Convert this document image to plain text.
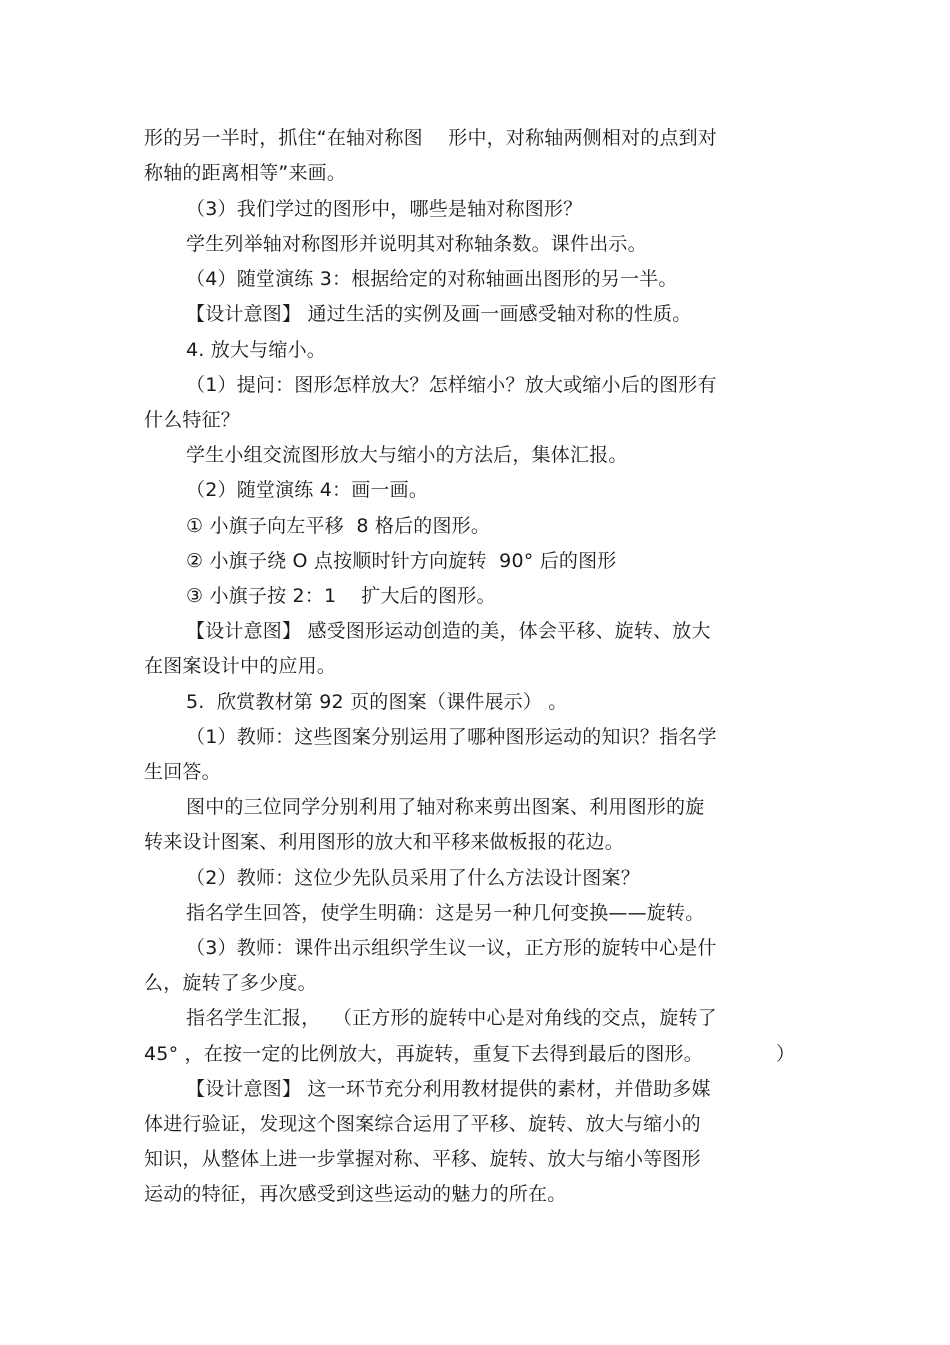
形的另一半时，抓住“在轴对称图　 形中，对称轴两侧相对的点到对
称轴的距离相等”来画。
（3）我们学过的图形中，哪些是轴对称图形？
学生列举轴对称图形并说明其对称轴条数。课件出示。
（4）随堂演练 3：根据给定的对称轴画出图形的另一半。
【设计意图】 通过生活的实例及画一画感受轴对称的性质。
4. 放大与缩小。
（1）提问：图形怎样放大？怎样缩小？放大或缩小后的图形有
什么特征？
学生小组交流图形放大与缩小的方法后，集体汇报。
（2）随堂演练 4：画一画。
① 小旗子向左平移  8 格后的图形。
② 小旗子绕 O 点按顺时针方向旋转  90° 后的图形
③ 小旗子按 2：1    扩大后的图形。
【设计意图】 感受图形运动创造的美，体会平移、旋转、放大
在图案设计中的应用。
5.  欣赏教材第 92 页的图案（课件展示） 。
（1）教师：这些图案分别运用了哪种图形运动的知识？指名学
生回答。
图中的三位同学分别利用了轴对称来剪出图案、利用图形的旋
转来设计图案、利用图形的放大和平移来做板报的花边。
（2）教师：这位少先队员采用了什么方法设计图案？
指名学生回答，使学生明确：这是另一种几何变换——旋转。
（3）教师：课件出示组织学生议一议，正方形的旋转中心是什
么，旋转了多少度。
指名学生汇报，  （正方形的旋转中心是对角线的交点，旋转了
45° ，在按一定的比例放大，再旋转，重复下去得到最后的图形。	）
【设计意图】 这一环节充分利用教材提供的素材，并借助多媒
体进行验证，发现这个图案综合运用了平移、旋转、放大与缩小的
知识，从整体上进一步掌握对称、平移、旋转、放大与缩小等图形
运动的特征，再次感受到这些运动的魅力的所在。
